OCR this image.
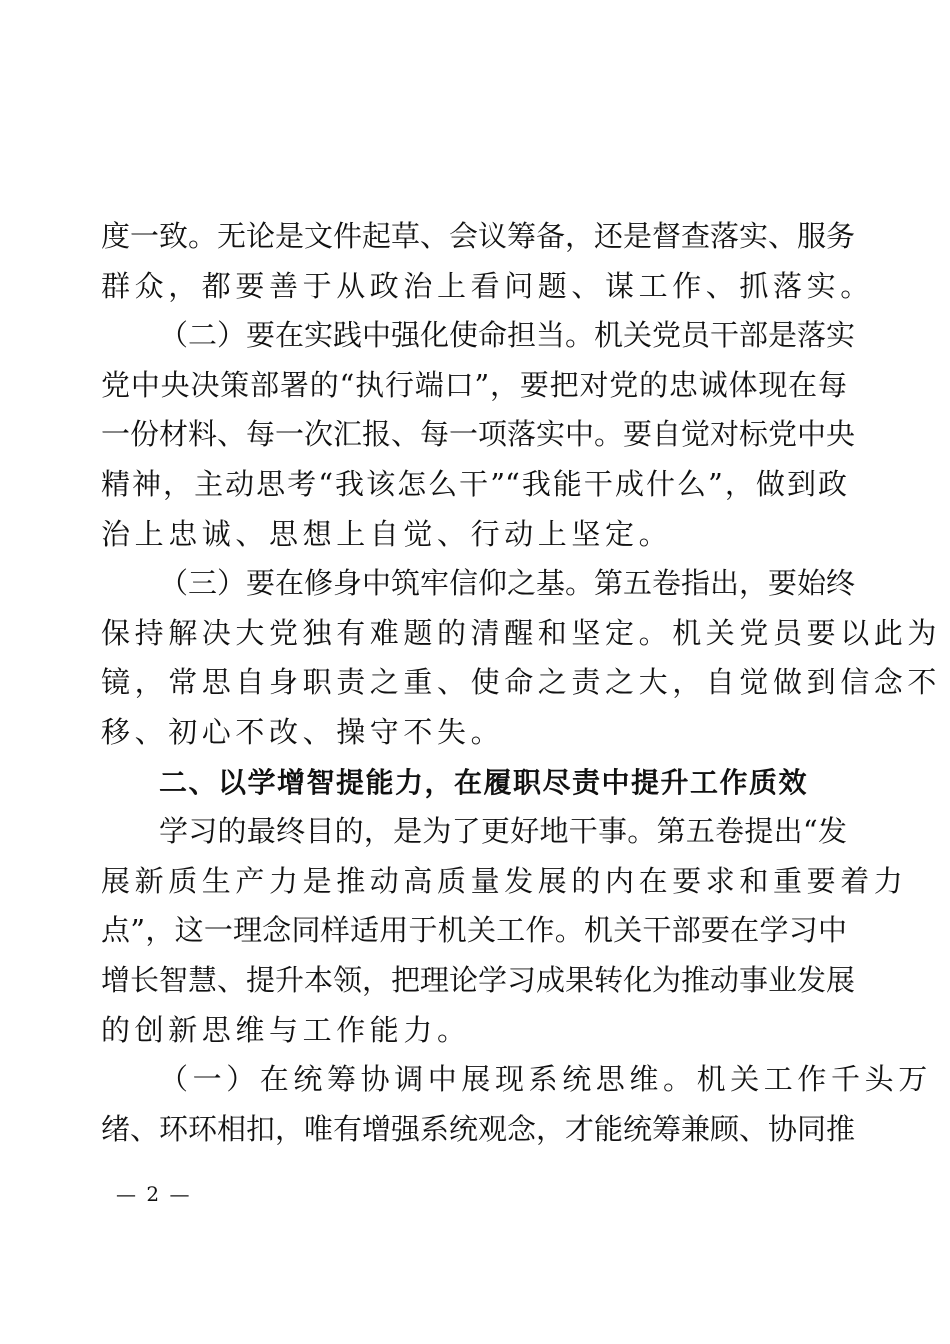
度一致。无论是文件起草、会议筹备，还是督查落实、服务
群众，都要善于从政治上看问题、谋工作、抓落实。
（二）要在实践中强化使命担当。机关党员干部是落实
党中央决策部署的“执行端口”，要把对党的忠诚体现在每
一份材料、每一次汇报、每一项落实中。要自觉对标党中央
精神，主动思考“我该怎么干”“我能干成什么”，做到政
治上忠诚、思想上自觉、行动上坚定。
（三）要在修身中筑牢信仰之基。第五卷指出，要始终
保持解决大党独有难题的清醒和坚定。机关党员要以此为
镜，常思自身职责之重、使命之责之大，自觉做到信念不
移、初心不改、操守不失。
二、以学增智提能力，在履职尽责中提升工作质效
学习的最终目的，是为了更好地干事。第五卷提出“发
展新质生产力是推动高质量发展的内在要求和重要着力
点”，这一理念同样适用于机关工作。机关干部要在学习中
增长智慧、提升本领，把理论学习成果转化为推动事业发展
的创新思维与工作能力。
（一）在统筹协调中展现系统思维。机关工作千头万
绪、环环相扣，唯有增强系统观念，才能统筹兼顾、协同推
— 2 —
